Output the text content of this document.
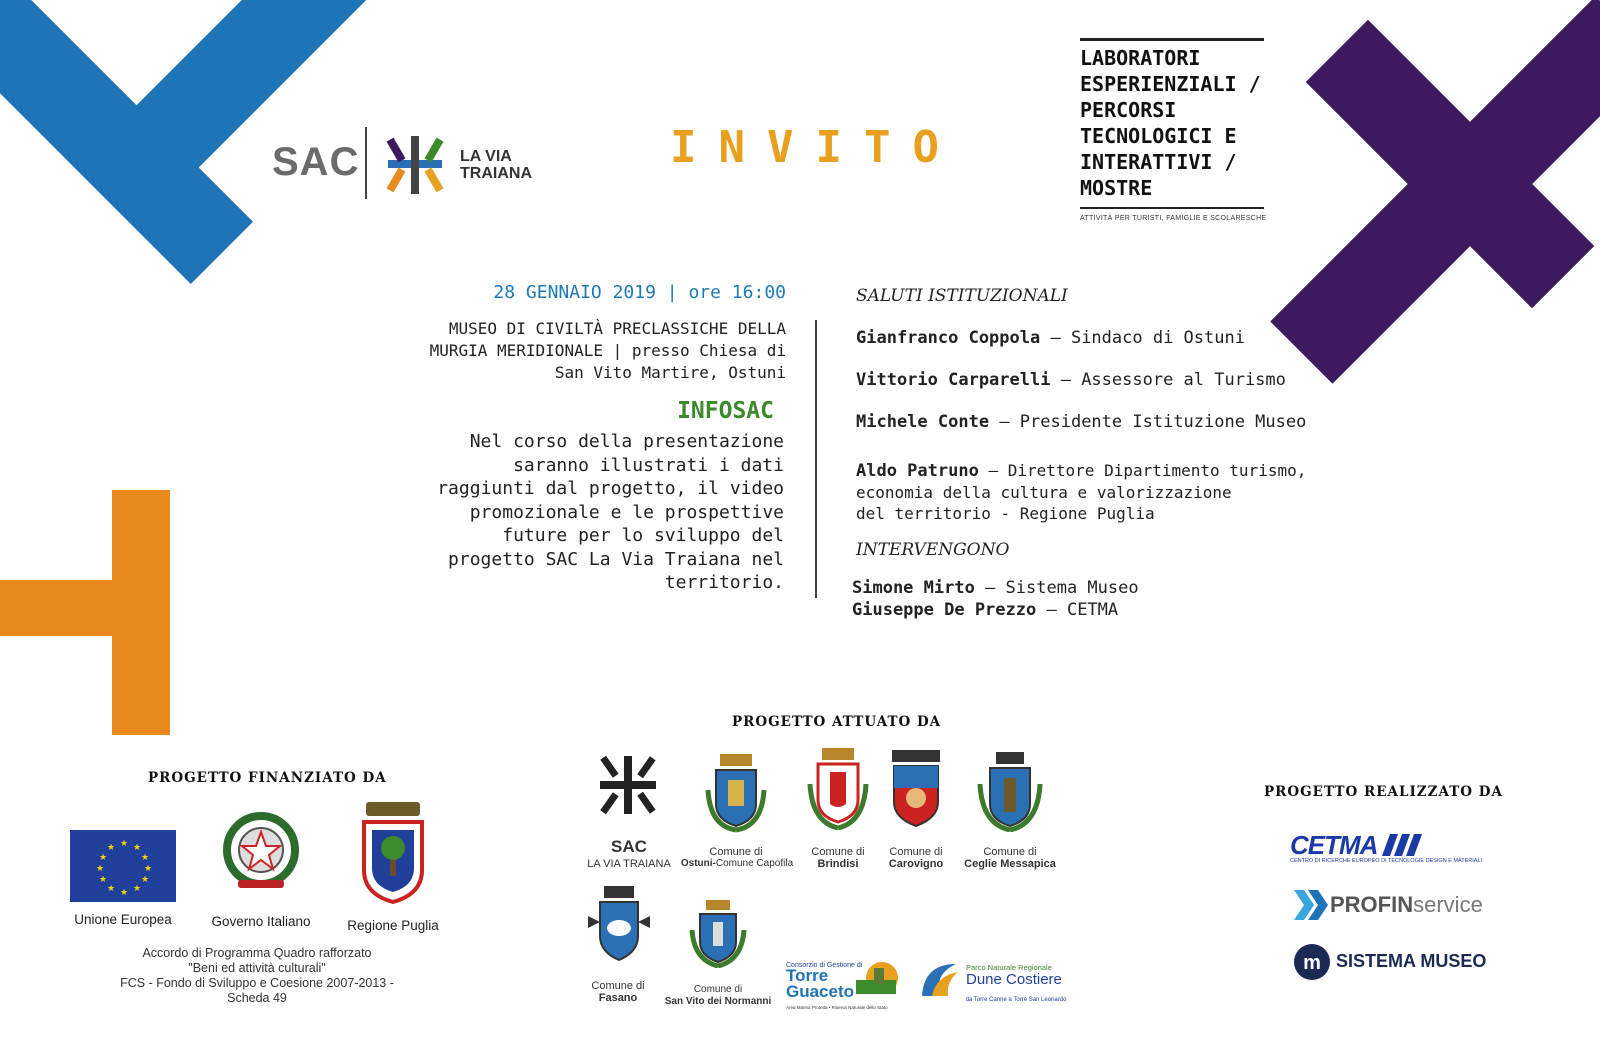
SAC	LA VIA
TRAIANA
INVITO
LABORATORI
ESPERIENZIALI /
PERCORSI
TECNOLOGICI E
INTERATTIVI /
MOSTRE
ATTIVITÀ PER TURISTI, FAMIGLIE E SCOLARESCHE
28 GENNAIO 2019 | ore 16:00
MUSEO DI CIVILTÀ PRECLASSICHE DELLA
MURGIA MERIDIONALE | presso Chiesa di
San Vito Martire, Ostuni
INFOSAC
Nel corso della presentazione
saranno illustrati i dati
raggiunti dal progetto, il video
promozionale e le prospettive
future per lo sviluppo del
progetto SAC La Via Traiana nel
territorio.
SALUTI ISTITUZIONALI
Gianfranco Coppola – Sindaco di Ostuni
Vittorio Carparelli – Assessore al Turismo
Michele Conte – Presidente Istituzione Museo
Aldo Patruno – Direttore Dipartimento turismo,
economia della cultura e valorizzazione
del territorio - Regione Puglia
INTERVENGONO
Simone Mirto – Sistema Museo
Giuseppe De Prezzo – CETMA
PROGETTO FINANZIATO DA
★ ★
★
★
★
★
★
★
★
★
★
★
Unione Europea	Governo Italiano	Regione Puglia
Accordo di Programma Quadro rafforzato
"Beni ed attività culturali"
FCS - Fondo di Sviluppo e Coesione 2007-2013 -
Scheda 49
PROGETTO ATTUATO DA
SAC
LA VIA TRAIANA
Comune di
Ostuni-Comune Capofila
Comune di
Brindisi
Comune di
Carovigno
Comune di
Ceglie Messapica
Comune di
Fasano
Comune di
San Vito dei Normanni
Consorzio di Gestione di
Torre Guaceto
Area Marina Protetta • Riserva Naturale dello Stato
Parco Naturale Regionale
Dune Costiere
da Torre Canne a Torre San Leonardo
PROGETTO REALIZZATO DA
CETMA
CENTRO DI RICERCHE EUROPEO DI TECNOLOGIE DESIGN E MATERIALI
PROFINservice
m SISTEMA MUSEO
